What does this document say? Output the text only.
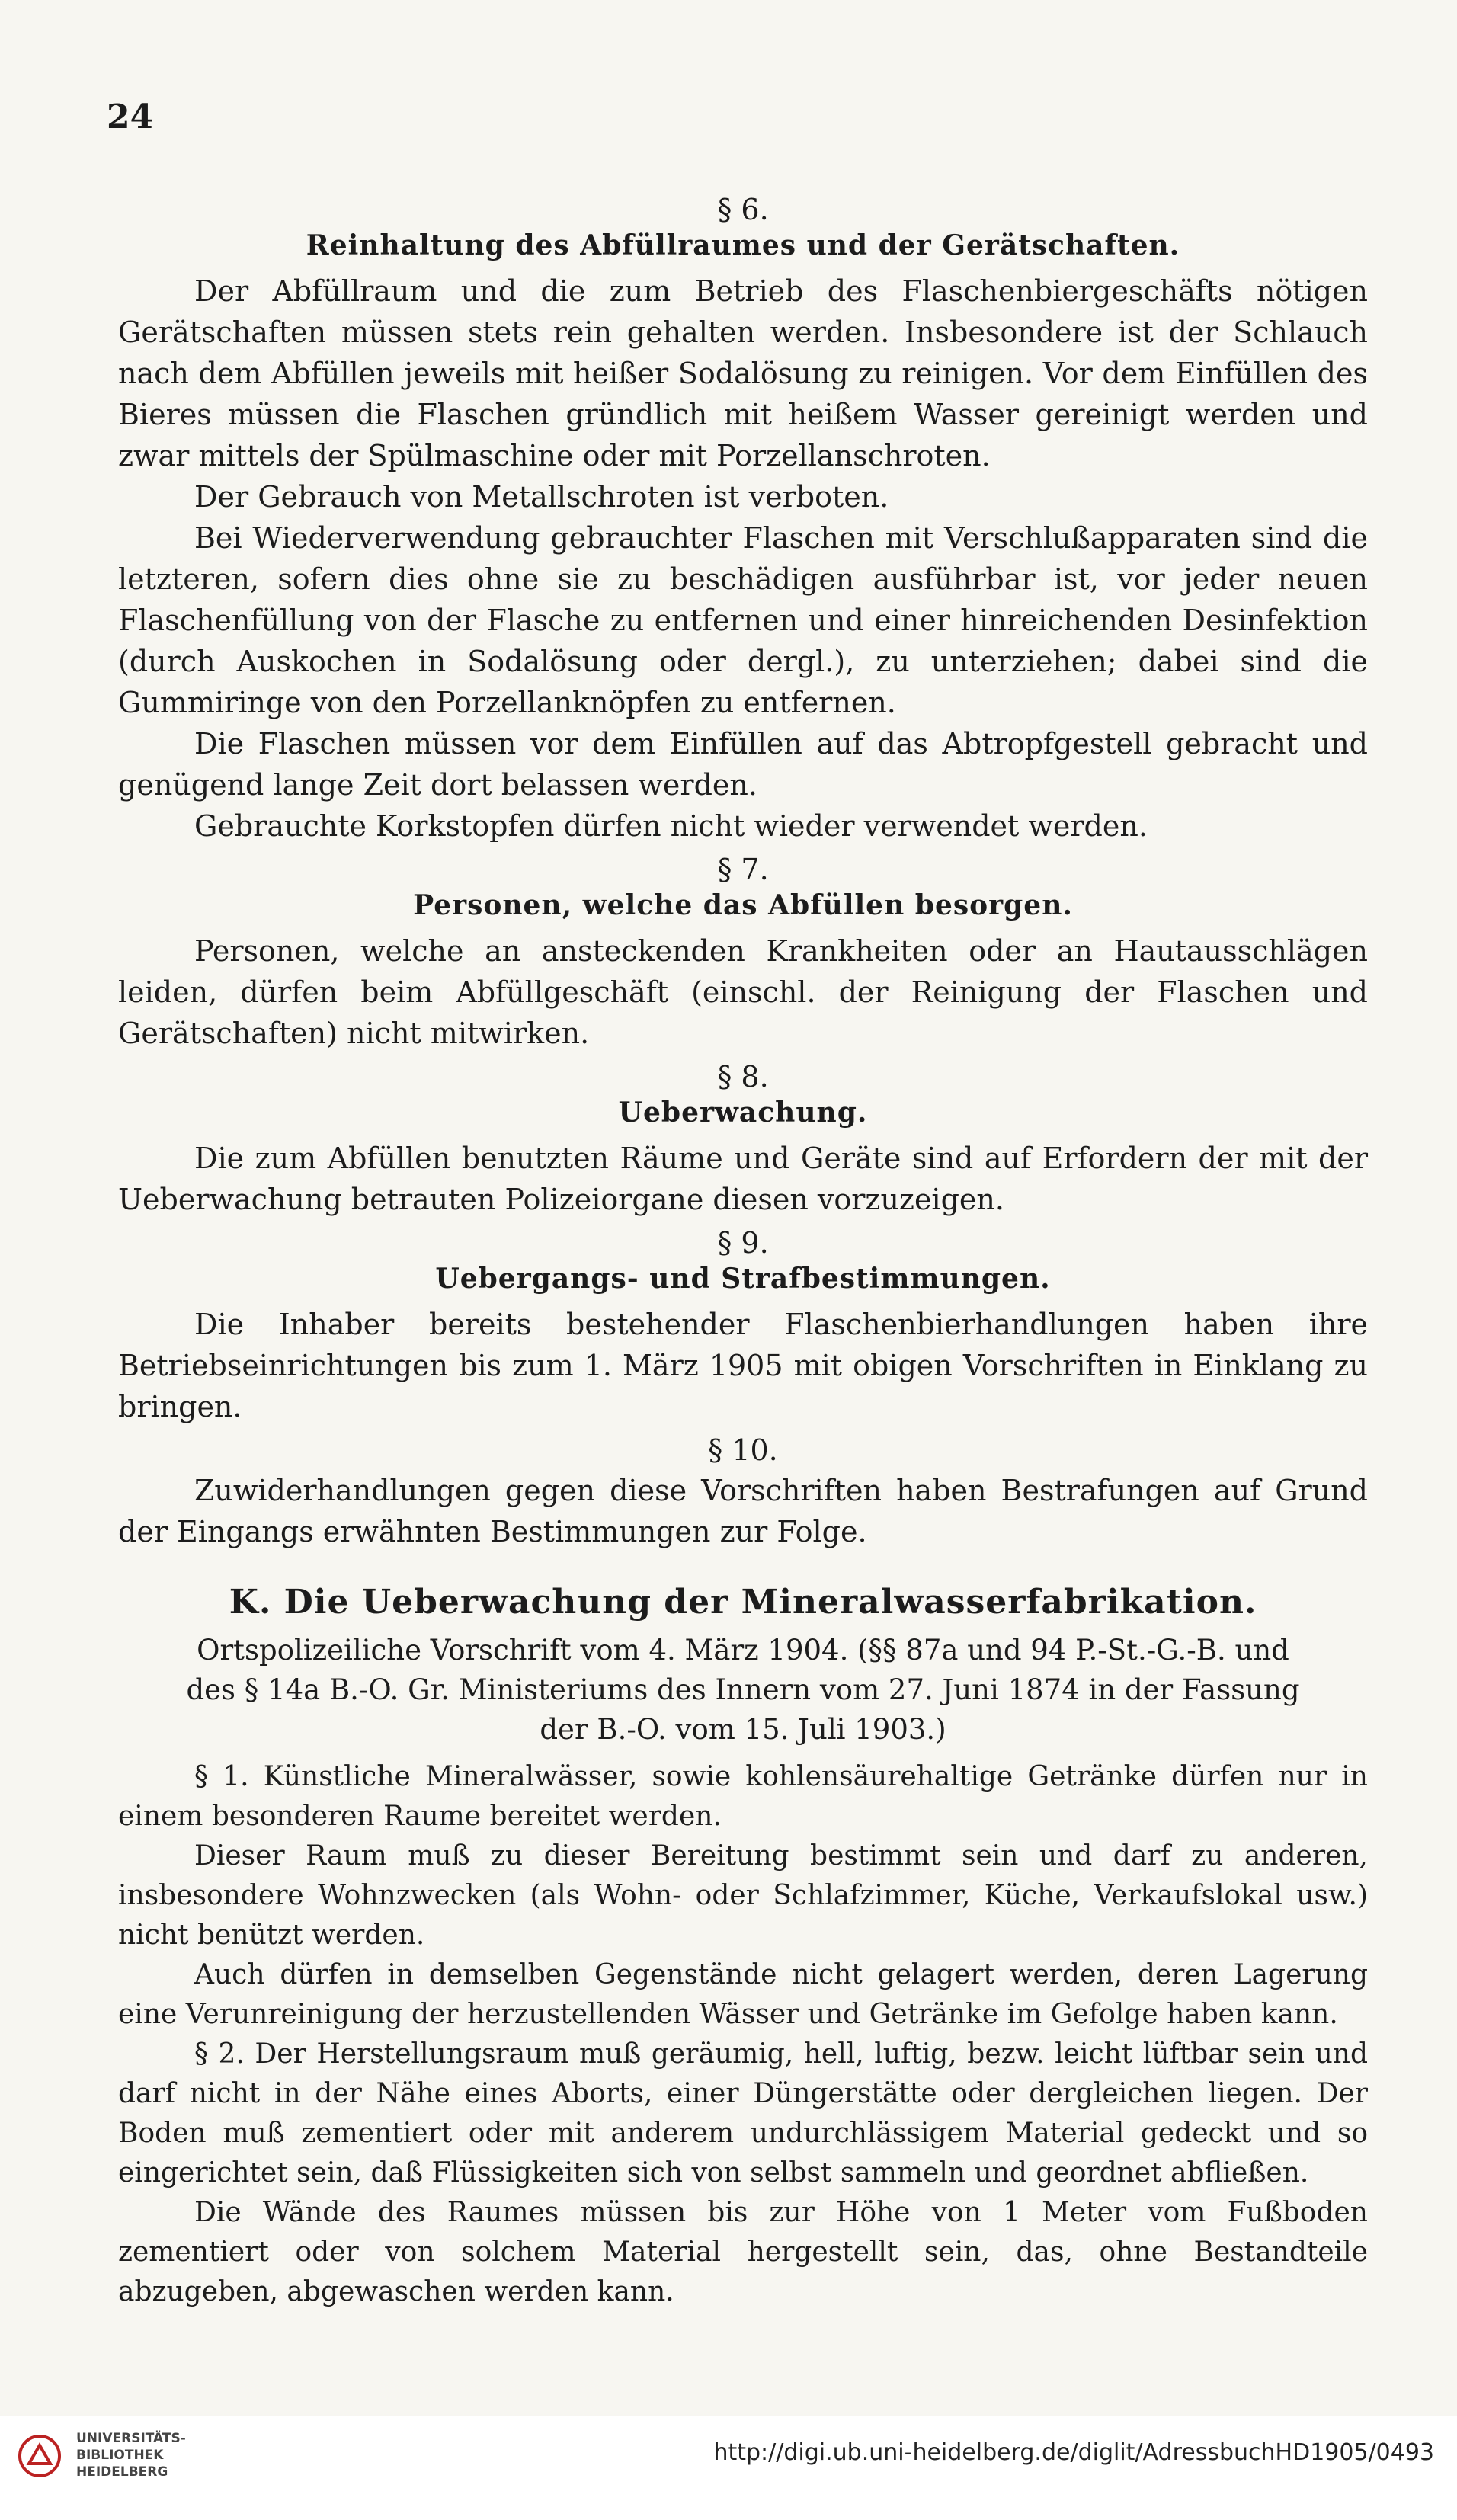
24
§ 6.
Reinhaltung des Abfüllraumes und der Gerätschaften.

Der Abfüllraum und die zum Betrieb des Flaschenbiergeschäfts nötigen Gerätschaften müssen stets rein gehalten werden. Insbesondere ist der Schlauch nach dem Abfüllen jeweils mit heißer Sodalösung zu reinigen. Vor dem Einfüllen des Bieres müssen die Flaschen gründlich mit heißem Wasser gereinigt werden und zwar mittels der Spülmaschine oder mit Porzellanschroten.

Der Gebrauch von Metallschroten ist verboten.

Bei Wiederverwendung gebrauchter Flaschen mit Verschlußapparaten sind die letzteren, sofern dies ohne sie zu beschädigen ausführbar ist, vor jeder neuen Flaschenfüllung von der Flasche zu entfernen und einer hinreichenden Desinfektion (durch Auskochen in Sodalösung oder dergl.), zu unterziehen; dabei sind die Gummiringe von den Porzellanknöpfen zu entfernen.

Die Flaschen müssen vor dem Einfüllen auf das Abtropfgestell gebracht und genügend lange Zeit dort belassen werden.

Gebrauchte Korkstopfen dürfen nicht wieder verwendet werden.

§ 7.
Personen, welche das Abfüllen besorgen.

Personen, welche an ansteckenden Krankheiten oder an Hautausschlägen leiden, dürfen beim Abfüllgeschäft (einschl. der Reinigung der Flaschen und Gerätschaften) nicht mitwirken.

§ 8.
Ueberwachung.

Die zum Abfüllen benutzten Räume und Geräte sind auf Erfordern der mit der Ueberwachung betrauten Polizeiorgane diesen vorzuzeigen.

§ 9.
Uebergangs- und Strafbestimmungen.

Die Inhaber bereits bestehender Flaschenbierhandlungen haben ihre Betriebseinrichtungen bis zum 1. März 1905 mit obigen Vorschriften in Einklang zu bringen.

§ 10.

Zuwiderhandlungen gegen diese Vorschriften haben Bestrafungen auf Grund der Eingangs erwähnten Bestimmungen zur Folge.

K. Die Ueberwachung der Mineralwasserfabrikation.
Ortspolizeiliche Vorschrift vom 4. März 1904. (§§ 87a und 94 P.-St.-G.-B. und
des § 14a B.-O. Gr. Ministeriums des Innern vom 27. Juni 1874 in der Fassung
der B.-O. vom 15. Juli 1903.)

§ 1. Künstliche Mineralwässer, sowie kohlensäurehaltige Getränke dürfen nur in einem besonderen Raume bereitet werden.

Dieser Raum muß zu dieser Bereitung bestimmt sein und darf zu anderen, insbesondere Wohnzwecken (als Wohn- oder Schlafzimmer, Küche, Verkaufslokal usw.) nicht benützt werden.

Auch dürfen in demselben Gegenstände nicht gelagert werden, deren Lagerung eine Verunreinigung der herzustellenden Wässer und Getränke im Gefolge haben kann.

§ 2. Der Herstellungsraum muß geräumig, hell, luftig, bezw. leicht lüftbar sein und darf nicht in der Nähe eines Aborts, einer Düngerstätte oder dergleichen liegen. Der Boden muß zementiert oder mit anderem undurchlässigem Material gedeckt und so eingerichtet sein, daß Flüssigkeiten sich von selbst sammeln und geordnet abfließen.

Die Wände des Raumes müssen bis zur Höhe von 1 Meter vom Fußboden zementiert oder von solchem Material hergestellt sein, das, ohne Bestandteile abzugeben, abgewaschen werden kann.

UNIVERSITÄTS-
BIBLIOTHEK
HEIDELBERG
http://digi.ub.uni-heidelberg.de/diglit/AdressbuchHD1905/0493
